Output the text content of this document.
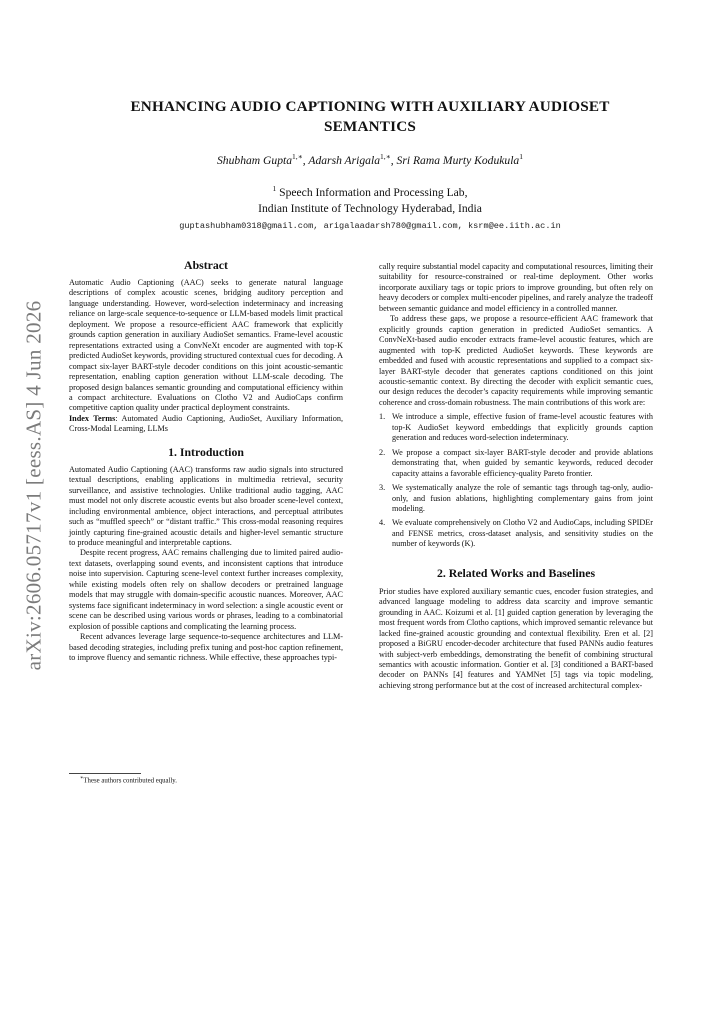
arXiv:2606.05717v1 [eess.AS] 4 Jun 2026
ENHANCING AUDIO CAPTIONING WITH AUXILIARY AUDIOSET
SEMANTICS
Shubham Gupta$^{1,∗}$, Adarsh Arigala$^{1,∗}$, Sri Rama Murty Kodukula$^1$
$^1$ Speech Information and Processing Lab,
Indian Institute of Technology Hyderabad, India
guptashubham0318@gmail.com, arigalaadarsh780@gmail.com, ksrm@ee.iith.ac.in
Abstract

Automatic Audio Captioning (AAC) seeks to generate natural language descriptions of complex acoustic scenes, bridging auditory perception and language understanding. However, word-selection indeterminacy and increasing reliance on large-scale sequence-to-sequence or LLM-based models limit practical deployment. We propose a resource-efficient AAC framework that explicitly grounds caption generation in auxiliary AudioSet semantics. Frame-level acoustic representations extracted using a ConvNeXt encoder are augmented with top-K predicted AudioSet keywords, providing structured contextual cues for decoding. A compact six-layer BART-style decoder conditions on this joint acoustic-semantic representation, enabling caption generation without LLM-scale decoding. The proposed design balances semantic grounding and computational efficiency within a compact architecture. Evaluations on Clotho V2 and AudioCaps confirm competitive caption quality under practical deployment constraints.

Index Terms: Automated Audio Captioning, AudioSet, Auxiliary Information, Cross-Modal Learning, LLMs

1. Introduction

Automated Audio Captioning (AAC) transforms raw audio signals into structured textual descriptions, enabling applications in multimedia retrieval, security surveillance, and assistive technologies. Unlike traditional audio tagging, AAC must model not only discrete acoustic events but also broader scene-level context, including environmental ambience, object interactions, and perceptual attributes such as “muffled speech” or “distant traffic.” This cross-modal reasoning requires jointly capturing fine-grained acoustic details and higher-level semantic structure to produce meaningful and interpretable captions.

Despite recent progress, AAC remains challenging due to limited paired audio-text datasets, overlapping sound events, and inconsistent captions that introduce noise into supervision. Capturing scene-level context further increases complexity, while existing models often rely on shallow decoders or pretrained language models that may struggle with domain-specific acoustic nuances. Moreover, AAC systems face significant indeterminacy in word selection: a single acoustic event or scene can be described using various words or phrases, leading to a combinatorial explosion of possible captions and complicating the learning process.

Recent advances leverage large sequence-to-sequence architectures and LLM-based decoding strategies, including prefix tuning and post-hoc caption refinement, to improve fluency and semantic richness. While effective, these approaches typi-

cally require substantial model capacity and computational resources, limiting their suitability for resource-constrained or real-time deployment. Other works incorporate auxiliary tags or topic priors to improve grounding, but often rely on heavy decoders or complex multi-encoder pipelines, and rarely analyze the tradeoff between semantic guidance and model efficiency in a controlled manner.

To address these gaps, we propose a resource-efficient AAC framework that explicitly grounds caption generation in predicted AudioSet semantics. A ConvNeXt-based audio encoder extracts frame-level acoustic features, which are augmented with top-K predicted AudioSet keywords. These keywords are embedded and fused with acoustic representations and supplied to a compact six-layer BART-style decoder that generates captions conditioned on this joint acoustic-semantic context. By directing the decoder with explicit semantic cues, our design reduces the decoder’s capacity requirements while improving semantic coherence and cross-domain robustness. The main contributions of this work are:

1. We introduce a simple, effective fusion of frame-level acoustic features with top-K AudioSet keyword embeddings that explicitly grounds caption generation and reduces word-selection indeterminacy.
2. We propose a compact six-layer BART-style decoder and provide ablations demonstrating that, when guided by semantic keywords, reduced decoder capacity attains a favorable efficiency-quality Pareto frontier.
3. We systematically analyze the role of semantic tags through tag-only, audio-only, and fusion ablations, highlighting complementary gains from joint modeling.
4. We evaluate comprehensively on Clotho V2 and AudioCaps, including SPIDEr and FENSE metrics, cross-dataset analysis, and sensitivity studies on the number of keywords (K).
2. Related Works and Baselines

Prior studies have explored auxiliary semantic cues, encoder fusion strategies, and advanced language modeling to address data scarcity and improve semantic grounding in AAC. Koizumi et al. [1] guided caption generation by leveraging the most frequent words from Clotho captions, which improved semantic relevance but lacked fine-grained acoustic grounding and contextual flexibility. Eren et al. [2] proposed a BiGRU encoder-decoder architecture that fused PANNs audio features with subject-verb embeddings, demonstrating the benefit of combining structural semantics with acoustic information. Gontier et al. [3] conditioned a BART-based decoder on PANNs [4] features and YAMNet [5] tags via topic modeling, achieving strong performance but at the cost of increased architectural complex-

∗These authors contributed equally.
